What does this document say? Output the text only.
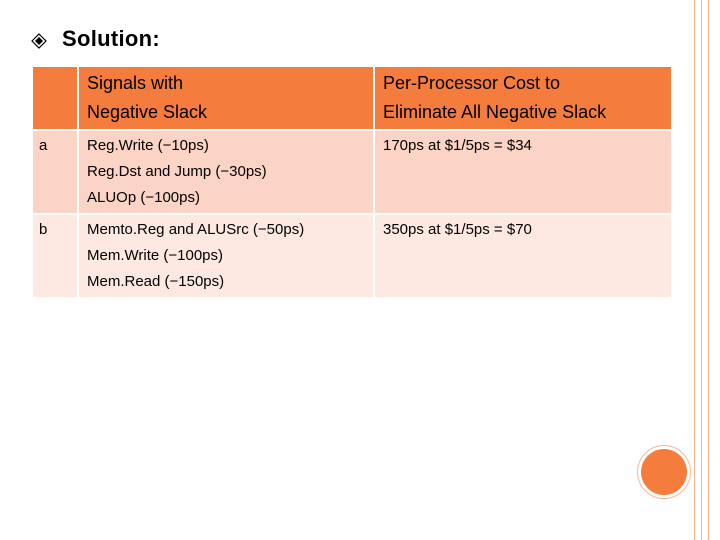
Solution:

	Signals with
Negative Slack	Per-Processor Cost to
Eliminate All Negative Slack

a	Reg.Write (−10ps)
Reg.Dst and Jump (−30ps)
ALUOp (−100ps)	170ps at $1/5ps = $34
b	Memto.Reg and ALUSrc (−50ps)
Mem.Write (−100ps)
Mem.Read (−150ps)	350ps at $1/5ps = $70
